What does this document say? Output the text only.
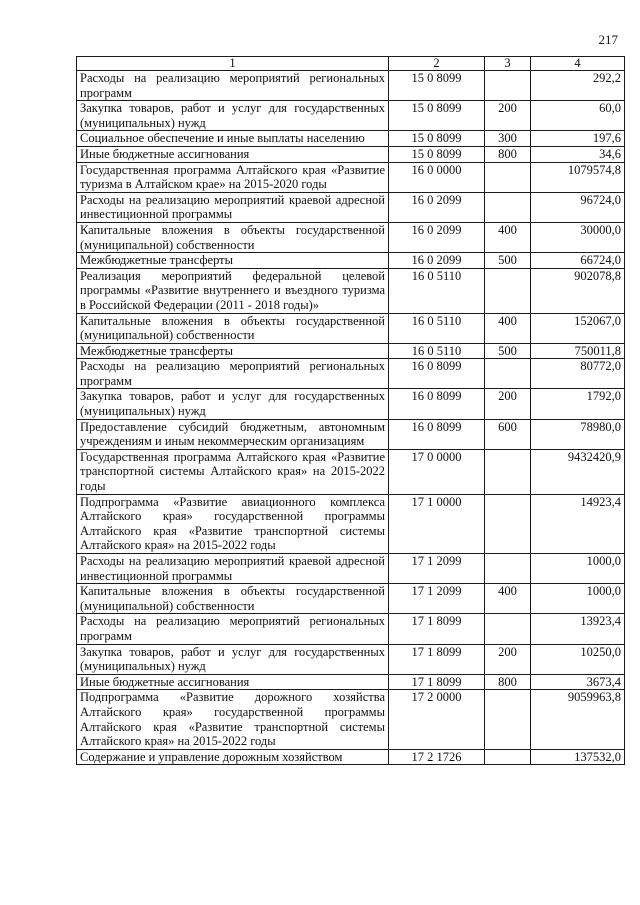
217
1	2	3	4
Расходы на реализацию мероприятий региональных программ	15 0 8099		292,2
Закупка товаров, работ и услуг для государственных (муниципальных) нужд	15 0 8099	200	60,0
Социальное обеспечение и иные выплаты населению	15 0 8099	300	197,6
Иные бюджетные ассигнования	15 0 8099	800	34,6
Государственная программа Алтайского края «Развитие туризма в Алтайском крае» на 2015-2020 годы	16 0 0000		1079574,8
Расходы на реализацию мероприятий краевой адресной инвестиционной программы	16 0 2099		96724,0
Капитальные вложения в объекты государственной (муниципальной) собственности	16 0 2099	400	30000,0
Межбюджетные трансферты	16 0 2099	500	66724,0
Реализация мероприятий федеральной целевой программы «Развитие внутреннего и въездного туризма в Российской Федерации (2011 - 2018 годы)»	16 0 5110		902078,8
Капитальные вложения в объекты государственной (муниципальной) собственности	16 0 5110	400	152067,0
Межбюджетные трансферты	16 0 5110	500	750011,8
Расходы на реализацию мероприятий региональных программ	16 0 8099		80772,0
Закупка товаров, работ и услуг для государственных (муниципальных) нужд	16 0 8099	200	1792,0
Предоставление субсидий бюджетным, автономным учреждениям и иным некоммерческим организациям	16 0 8099	600	78980,0
Государственная программа Алтайского края «Развитие транспортной системы Алтайского края» на 2015-2022 годы	17 0 0000		9432420,9
Подпрограмма «Развитие авиационного комплекса Алтайского края» государственной программы Алтайского края «Развитие транспортной системы Алтайского края» на 2015-2022 годы	17 1 0000		14923,4
Расходы на реализацию мероприятий краевой адресной инвестиционной программы	17 1 2099		1000,0
Капитальные вложения в объекты государственной (муниципальной) собственности	17 1 2099	400	1000,0
Расходы на реализацию мероприятий региональных программ	17 1 8099		13923,4
Закупка товаров, работ и услуг для государственных (муниципальных) нужд	17 1 8099	200	10250,0
Иные бюджетные ассигнования	17 1 8099	800	3673,4
Подпрограмма «Развитие дорожного хозяйства Алтайского края» государственной программы Алтайского края «Развитие транспортной системы Алтайского края» на 2015-2022 годы	17 2 0000		9059963,8
Содержание и управление дорожным хозяйством	17 2 1726		137532,0
